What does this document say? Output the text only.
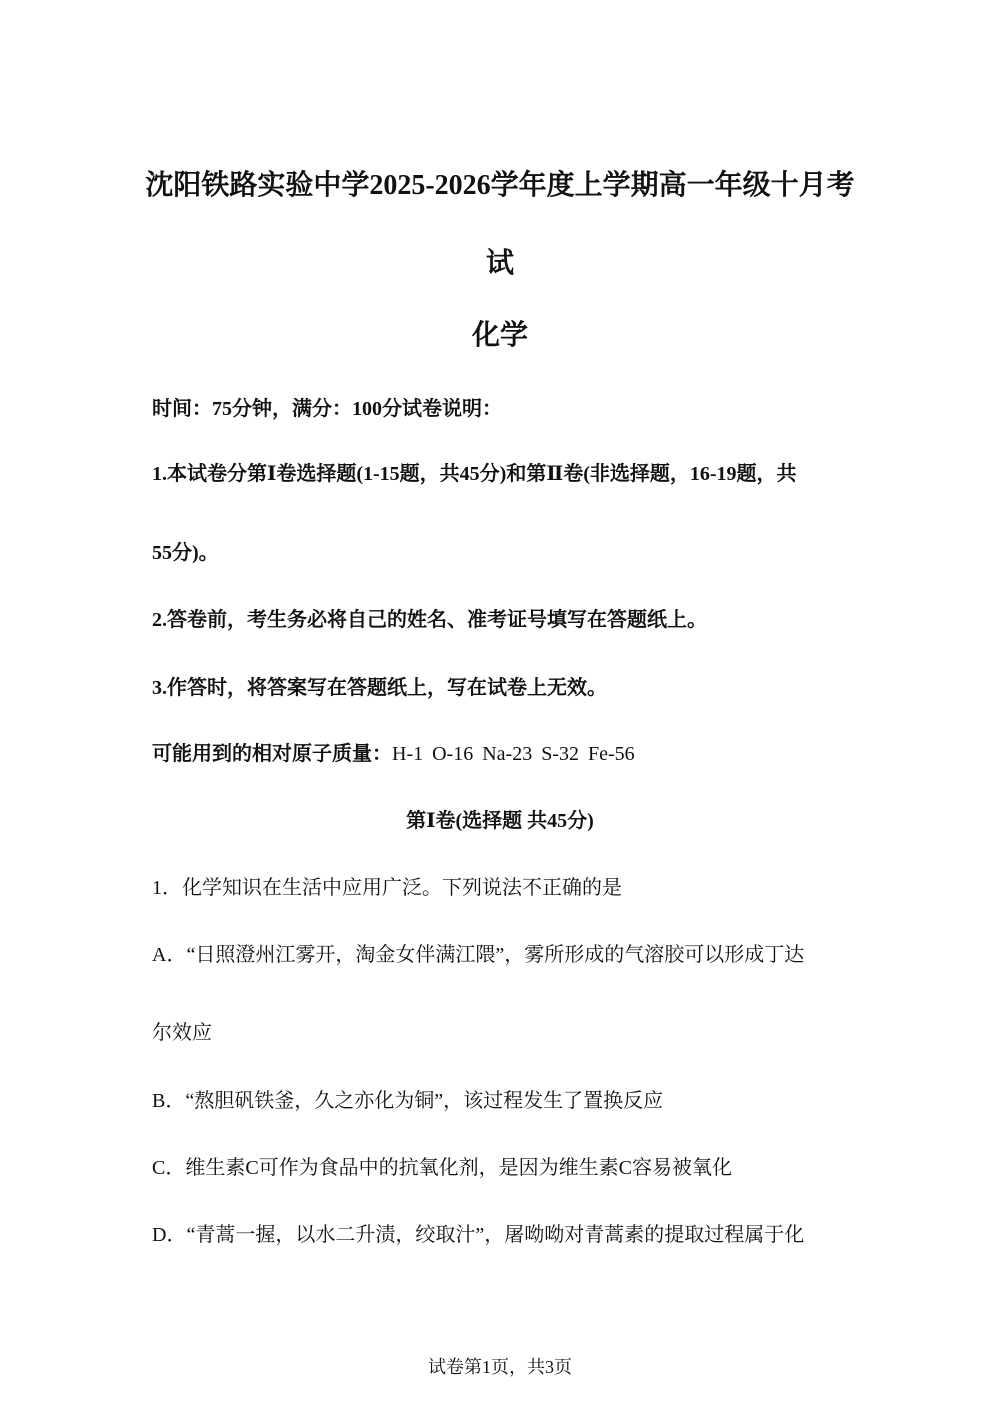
沈阳铁路实验中学2025-2026学年度上学期高一年级十月考
试
化学
时间：75分钟，满分：100分试卷说明：
1.本试卷分第Ⅰ卷选择题(1-15题，共45分)和第Ⅱ卷(非选择题，16-19题，共
55分)。
2.答卷前，考生务必将自己的姓名、准考证号填写在答题纸上。
3.作答时，将答案写在答题纸上，写在试卷上无效。
可能用到的相对原子质量：H-1 O-16 Na-23 S-32 Fe-56
第Ⅰ卷(选择题 共45分)
1．化学知识在生活中应用广泛。下列说法不正确的是
A．“日照澄州江雾开，淘金女伴满江隈”，雾所形成的气溶胶可以形成丁达
尔效应
B．“熬胆矾铁釜，久之亦化为铜”，该过程发生了置换反应
C．维生素C可作为食品中的抗氧化剂，是因为维生素C容易被氧化
D．“青蒿一握，以水二升渍，绞取汁”，屠呦呦对青蒿素的提取过程属于化
试卷第1页，共3页
